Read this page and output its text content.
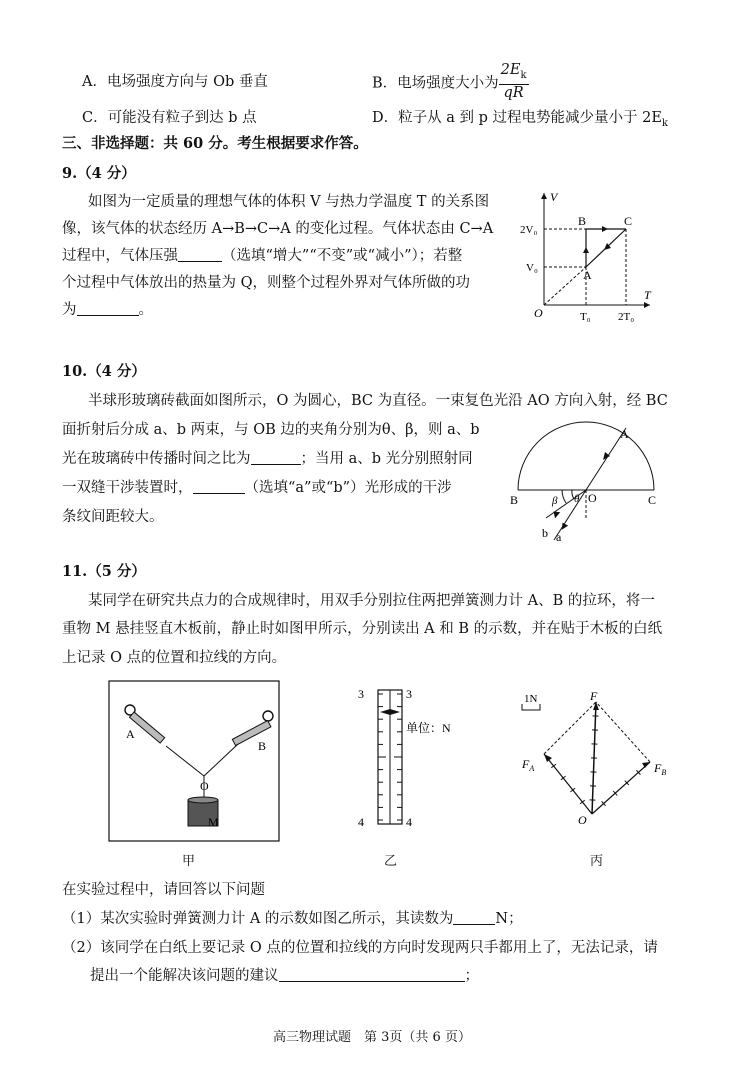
A．电场强度方向与 Ob 垂直	B．电场强度大小为 $\frac{2E_k}{qR}$
C．可能没有粒子到达 b 点	D．粒子从 a 到 p 过程电势能减少量小于 $2E_k$
三、非选择题：共 60 分。考生根据要求作答。
9.（4 分）
如图为一定质量的理想气体的体积 V 与热力学温度 T 的关系图
像，该气体的状态经历 A→B→C→A 的变化过程。气体状态由 C→A
过程中，气体压强	（选填“增大”“不变”或“减小”）；若整
个过程中气体放出的热量为 Q，则整个过程外界对气体所做的功
为	。
V
T
O
B	C
A
2V₀
V₀
T₀ 2T₀
10.（4 分）
半球形玻璃砖截面如图所示，O 为圆心，BC 为直径。一束复色光沿 AO 方向入射，经 BC
面折射后分成 a、b 两束，与 OB 边的夹角分别为θ、β，则 a、b
光在玻璃砖中传播时间之比为	；当用 a、b 光分别照射同
一双缝干涉装置时，	（选填“a”或“b”）光形成的干涉
条纹间距较大。
A
B	C
O
b a
β θ
11.（5 分）
某同学在研究共点力的合成规律时，用双手分别拉住两把弹簧测力计 A、B 的拉环，将一
重物 M 悬挂竖直木板前，静止时如图甲所示，分别读出 A 和 B 的示数，并在贴于木板的白纸
上记录 O 点的位置和拉线的方向。
A
B
O
M
甲
3	3
4	4
单位：N
乙
1N	F
$F_A$	$F_B$
O
丙
在实验过程中，请回答以下问题
（1）某次实验时弹簧测力计 A 的示数如图乙所示，其读数为	N；
（2）该同学在白纸上要记录 O 点的位置和拉线的方向时发现两只手都用上了，无法记录，请
提出一个能解决该问题的建议	；
高三物理试题　第 3页（共 6 页）
